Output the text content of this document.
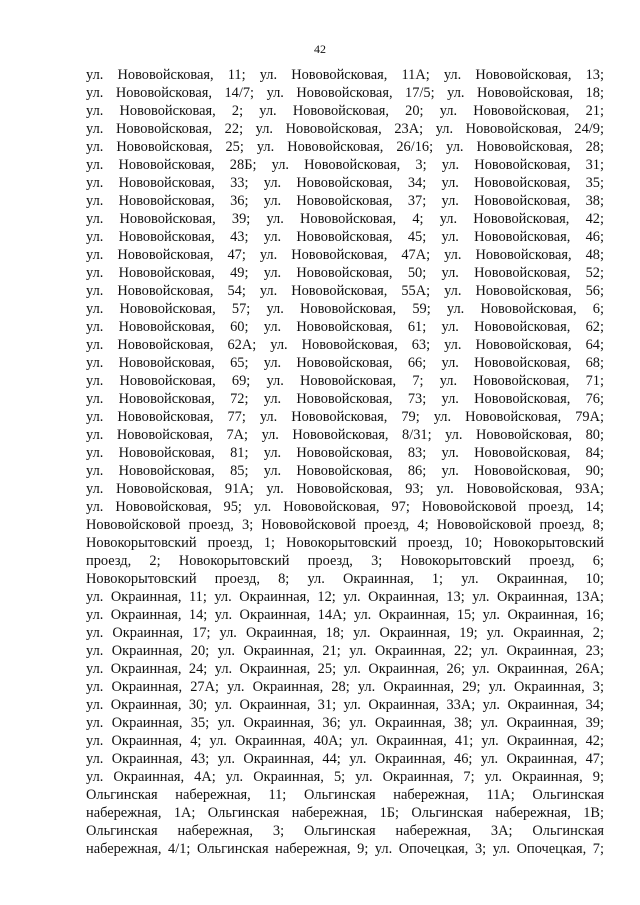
42
ул. Нововойсковая, 11; ул. Нововойсковая, 11А; ул. Нововойсковая, 13;
ул. Нововойсковая, 14/7; ул. Нововойсковая, 17/5; ул. Нововойсковая, 18;
ул. Нововойсковая, 2; ул. Нововойсковая, 20; ул. Нововойсковая, 21;
ул. Нововойсковая, 22; ул. Нововойсковая, 23А; ул. Нововойсковая, 24/9;
ул. Нововойсковая, 25; ул. Нововойсковая, 26/16; ул. Нововойсковая, 28;
ул. Нововойсковая, 28Б; ул. Нововойсковая, 3; ул. Нововойсковая, 31;
ул. Нововойсковая, 33; ул. Нововойсковая, 34; ул. Нововойсковая, 35;
ул. Нововойсковая, 36; ул. Нововойсковая, 37; ул. Нововойсковая, 38;
ул. Нововойсковая, 39; ул. Нововойсковая, 4; ул. Нововойсковая, 42;
ул. Нововойсковая, 43; ул. Нововойсковая, 45; ул. Нововойсковая, 46;
ул. Нововойсковая, 47; ул. Нововойсковая, 47А; ул. Нововойсковая, 48;
ул. Нововойсковая, 49; ул. Нововойсковая, 50; ул. Нововойсковая, 52;
ул. Нововойсковая, 54; ул. Нововойсковая, 55А; ул. Нововойсковая, 56;
ул. Нововойсковая, 57; ул. Нововойсковая, 59; ул. Нововойсковая, 6;
ул. Нововойсковая, 60; ул. Нововойсковая, 61; ул. Нововойсковая, 62;
ул. Нововойсковая, 62А; ул. Нововойсковая, 63; ул. Нововойсковая, 64;
ул. Нововойсковая, 65; ул. Нововойсковая, 66; ул. Нововойсковая, 68;
ул. Нововойсковая, 69; ул. Нововойсковая, 7; ул. Нововойсковая, 71;
ул. Нововойсковая, 72; ул. Нововойсковая, 73; ул. Нововойсковая, 76;
ул. Нововойсковая, 77; ул. Нововойсковая, 79; ул. Нововойсковая, 79А;
ул. Нововойсковая, 7А; ул. Нововойсковая, 8/31; ул. Нововойсковая, 80;
ул. Нововойсковая, 81; ул. Нововойсковая, 83; ул. Нововойсковая, 84;
ул. Нововойсковая, 85; ул. Нововойсковая, 86; ул. Нововойсковая, 90;
ул. Нововойсковая, 91А; ул. Нововойсковая, 93; ул. Нововойсковая, 93А;
ул. Нововойсковая, 95; ул. Нововойсковая, 97; Нововойсковой проезд, 14;
Нововойсковой проезд, 3; Нововойсковой проезд, 4; Нововойсковой проезд, 8;
Новокорытовский проезд, 1; Новокорытовский проезд, 10; Новокорытовский
проезд, 2; Новокорытовский проезд, 3; Новокорытовский проезд, 6;
Новокорытовский проезд, 8; ул. Окраинная, 1; ул. Окраинная, 10;
ул. Окраинная, 11; ул. Окраинная, 12; ул. Окраинная, 13; ул. Окраинная, 13А;
ул. Окраинная, 14; ул. Окраинная, 14А; ул. Окраинная, 15; ул. Окраинная, 16;
ул. Окраинная, 17; ул. Окраинная, 18; ул. Окраинная, 19; ул. Окраинная, 2;
ул. Окраинная, 20; ул. Окраинная, 21; ул. Окраинная, 22; ул. Окраинная, 23;
ул. Окраинная, 24; ул. Окраинная, 25; ул. Окраинная, 26; ул. Окраинная, 26А;
ул. Окраинная, 27А; ул. Окраинная, 28; ул. Окраинная, 29; ул. Окраинная, 3;
ул. Окраинная, 30; ул. Окраинная, 31; ул. Окраинная, 33А; ул. Окраинная, 34;
ул. Окраинная, 35; ул. Окраинная, 36; ул. Окраинная, 38; ул. Окраинная, 39;
ул. Окраинная, 4; ул. Окраинная, 40А; ул. Окраинная, 41; ул. Окраинная, 42;
ул. Окраинная, 43; ул. Окраинная, 44; ул. Окраинная, 46; ул. Окраинная, 47;
ул. Окраинная, 4А; ул. Окраинная, 5; ул. Окраинная, 7; ул. Окраинная, 9;
Ольгинская набережная, 11; Ольгинская набережная, 11А; Ольгинская
набережная, 1А; Ольгинская набережная, 1Б; Ольгинская набережная, 1В;
Ольгинская набережная, 3; Ольгинская набережная, 3А; Ольгинская
набережная, 4/1; Ольгинская набережная, 9; ул. Опочецкая, 3; ул. Опочецкая, 7;
